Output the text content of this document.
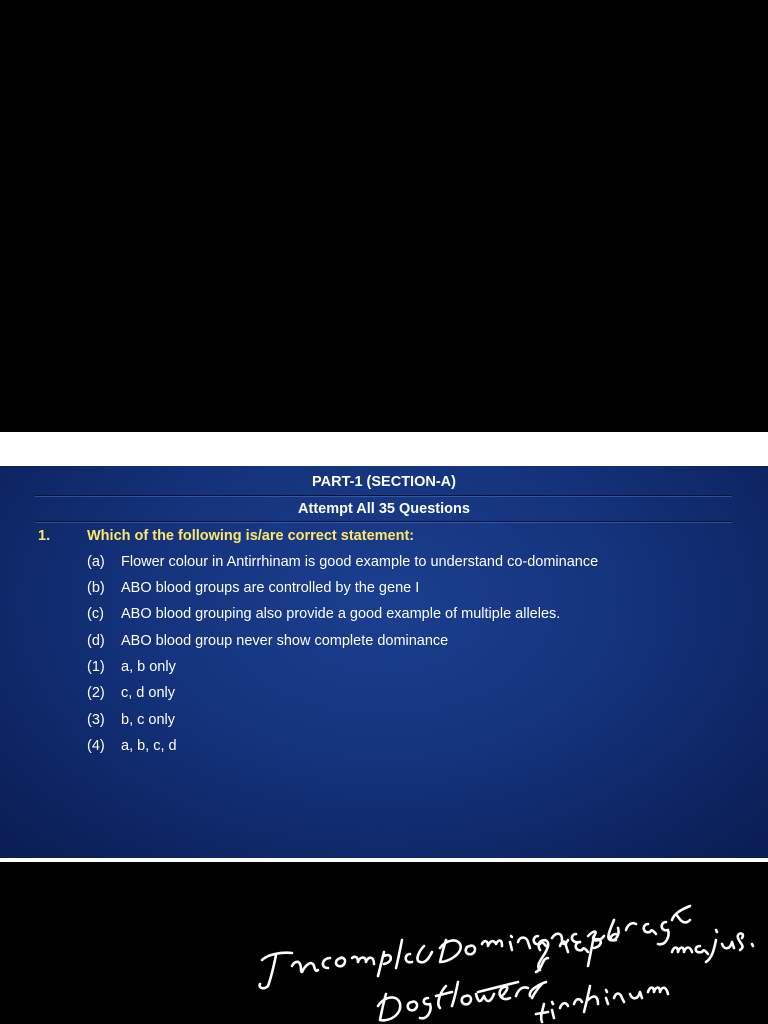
PART-1 (SECTION-A)
Attempt All 35 Questions
1.	Which of the following is/are correct statement:
(a) Flower colour in Antirrhinam is good example to understand co-dominance
(b) ABO blood groups are controlled by the gene I
(c) ABO blood grouping also provide a good example of multiple alleles.
(d) ABO blood group never show complete dominance
(1) a, b only
(2) c, d only
(3) b, c only
(4) a, b, c, d
